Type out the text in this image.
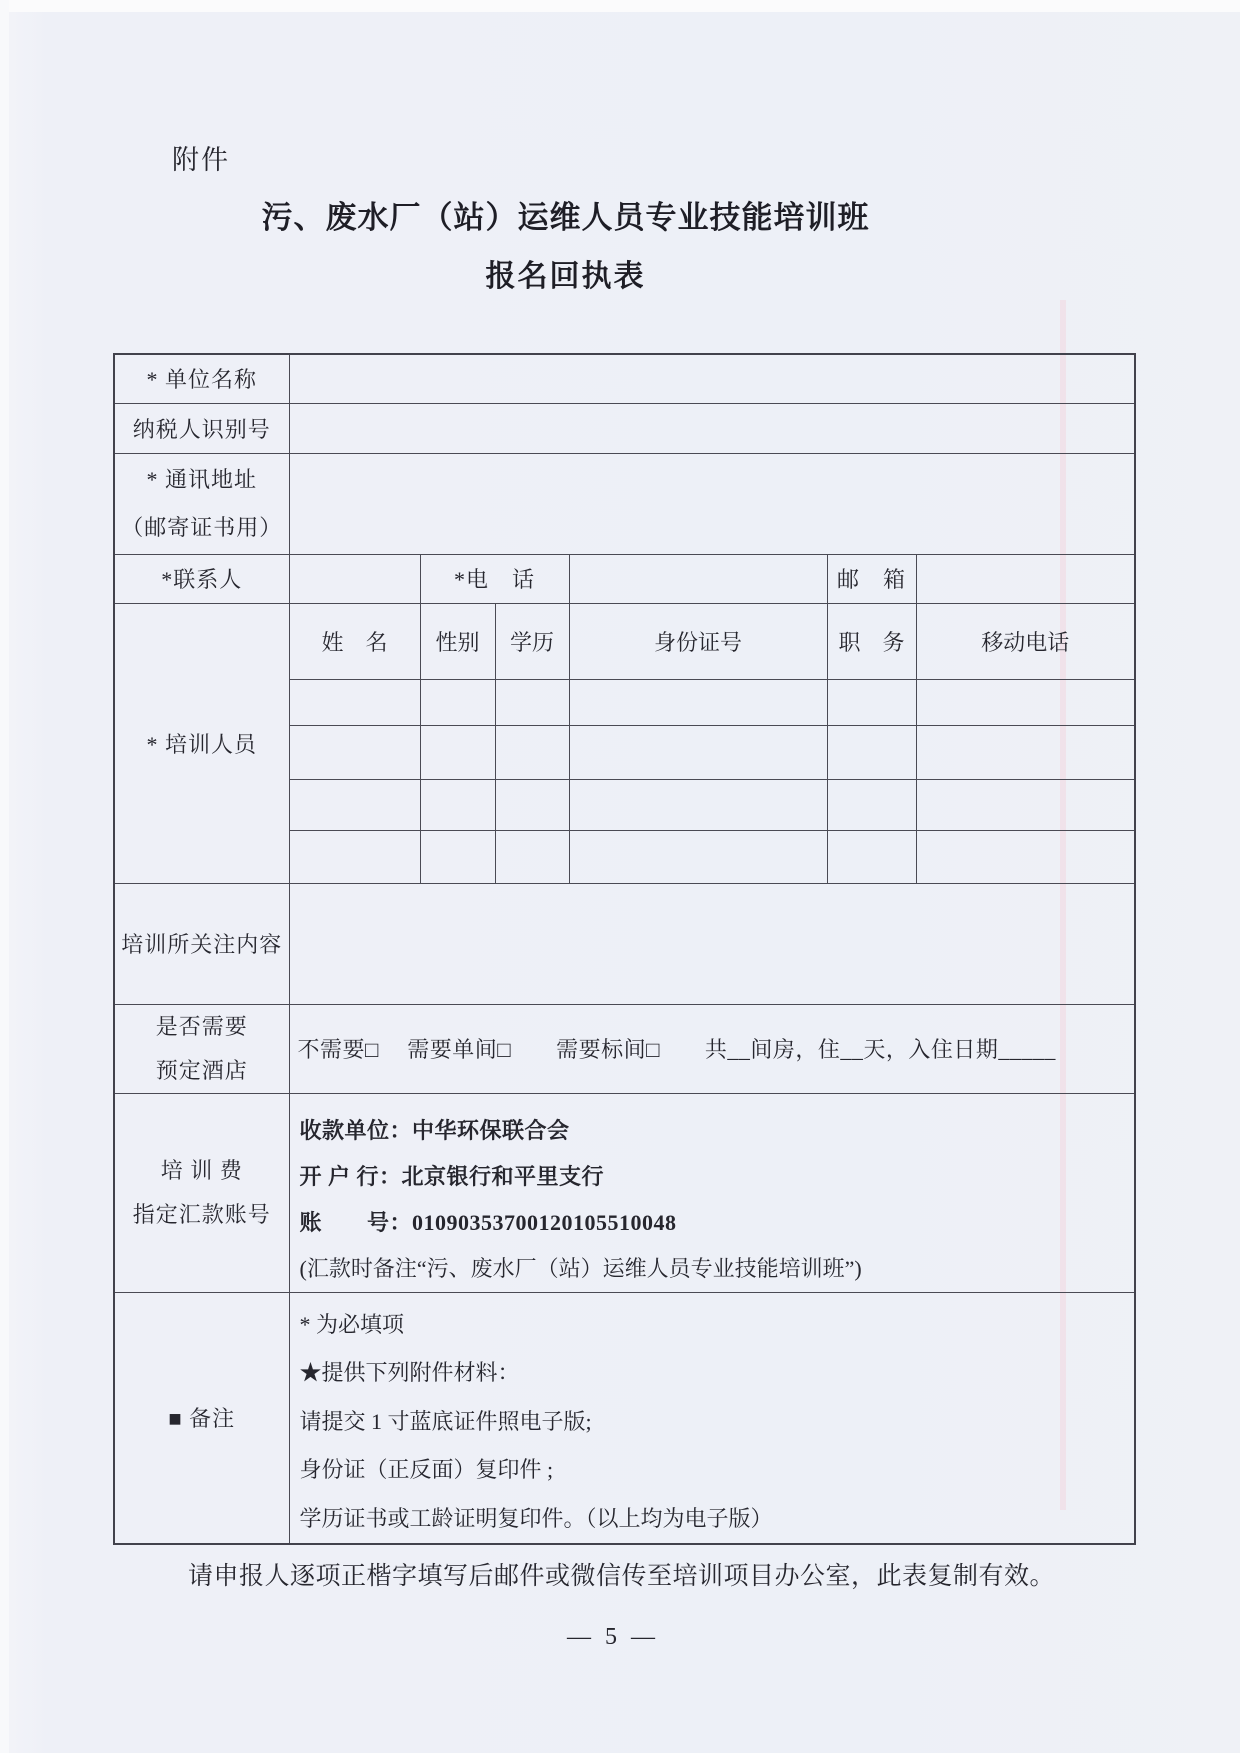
附件
污、废水厂（站）运维人员专业技能培训班
报名回执表
* 单位名称						
纳税人识别号						

* 通讯地址
（邮寄证书用）						

*联系人		*电　话			邮　箱	
* 培训人员	姓　名	性别	学历	身份证号	职　务	移动电话

培训所关注内容						

是否需要
预定酒店	不需要□　 需要单间□　　需要标间□　　共__间房，住__天，入住日期_____					

培 训 费
指定汇款账号

收款单位：中华环保联合会
开 户 行：北京银行和平里支行
账　　号：01090353700120105510048
(汇款时备注“污、废水厂（站）运维人员专业技能培训班”)

■ 备注	* 为必填项
★提供下列附件材料：
请提交 1 寸蓝底证件照电子版;
身份证（正反面）复印件 ;
学历证书或工龄证明复印件。（以上均为电子版）					
请申报人逐项正楷字填写后邮件或微信传至培训项目办公室，此表复制有效。
— 5 —
